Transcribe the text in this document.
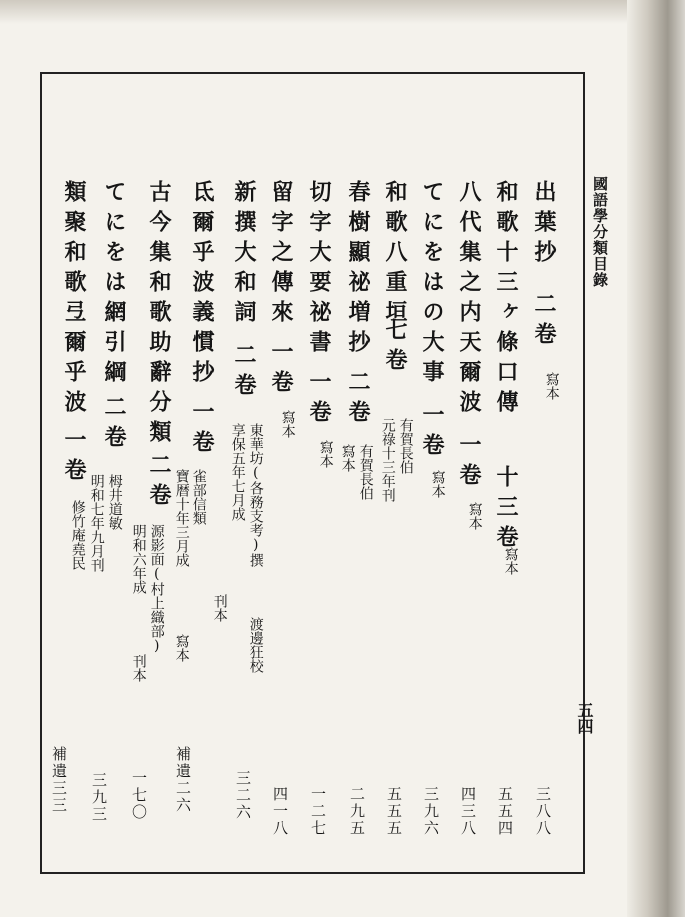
國語學分類目錄
五四
出葉抄
二卷
寫本
三八八
和歌十三ヶ條口傳
十三卷
寫本
五五四
八代集之内天爾波
一卷
寫本
四三八
てにをはの大事
一卷
寫本
三九六
和歌八重垣
七卷
有賀長伯
元祿十三年刊
五五五
春樹顯祕増抄
二卷
有賀長伯
寫本
二九五
切字大要祕書
一卷
寫本
一二七
留字之傳來
一卷
寫本
四一八
新撰大和詞
二卷
東華坊(各務支考)撰
享保五年七月成
刊本
渡邊狂校
三二六
氐爾乎波義慣抄
一卷
雀部信類
寶暦十年三月成
寫本
補遺二六
古今集和歌助辭分類
二卷
源影面(村上織部)
明和六年成
刊本
一七〇
てにをは網引綱
二卷
栂井道敏
明和七年九月刊
三九三
類聚和歌弖爾乎波
一卷
修竹庵堯民
補遺三三
